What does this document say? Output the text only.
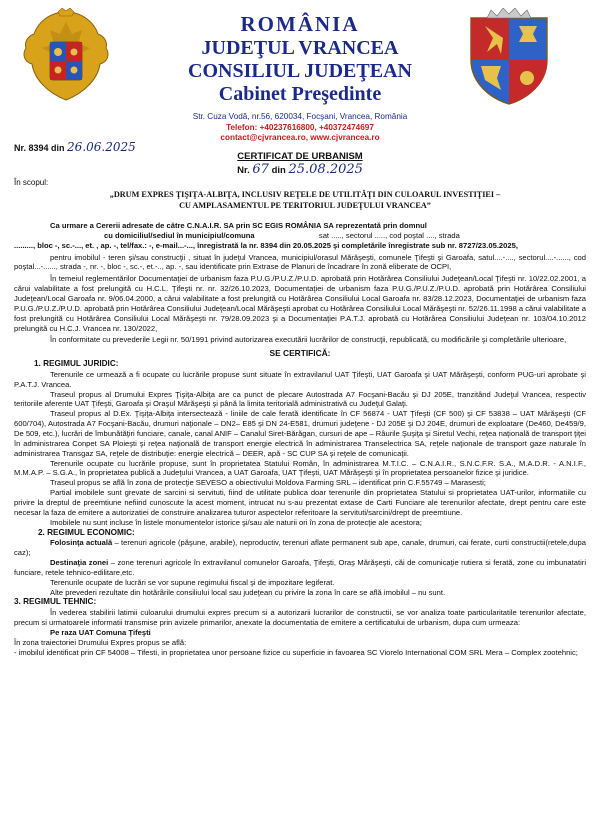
ROMÂNIA
JUDEŢUL VRANCEA
CONSILIUL JUDEŢEAN
Cabinet Preşedinte
Str. Cuza Vodă, nr.56, 620034, Focşani, Vrancea, România
Telefon: +40237616800, +40372474697
contact@cjvrancea.ro, www.cjvrancea.ro
Nr. 8394 din 26.06.2025
CERTIFICAT DE URBANISM
Nr. 67 din 25.08.2025
În scopul:
„DRUM EXPRES ŢIŞIŢA-ALBIŢA, INCLUSIV REŢELE DE UTILITĂŢI DIN CULOARUL INVESTIŢIEI –
CU AMPLASAMENTUL PE TERITORIUL JUDEŢULUI VRANCEA”

Ca urmare a Cererii adresate de către C.N.A.I.R. SA prin SC EGIS ROMÂNIA SA reprezentată prin domnul

cu domiciliul/sediul în municipiul/comuna	sat ....., sectorul ....., cod poştal ...., strada

........., bloc -, sc.-..., et. , ap. -, tel/fax.: -, e-mail...-..., înregistrată la nr. 8394 din 20.05.2025 şi completările înregistrate sub nr. 8727/23.05.2025,

pentru imobilul - teren şi/sau construcţii , situat în judeţul Vrancea, municipiul/orasul Mărăşeşti, comunele Ţifeşti şi Garoafa, satul....-...., sectorul....-......, cod poştal...-......, strada -, nr. -, bloc -, sc.-, et.-.., ap. -, sau identificate prin Extrase de Planuri de încadrare în zonă eliberate de OCPI,

În temeiul reglementărilor Documentaţiei de urbanism faza P.U.G./P.U.Z./P.U.D. aprobată prin Hotărârea Consiliului Judeţean/Local Ţifeşti nr. 10/22.02.2001, a cărui valabilitate a fost prelungită cu H.C.L. Ţifeşti nr. nr. 32/26.10.2023, Documentaţiei de urbanism faza P.U.G./P.U.Z./P.U.D. aprobată prin Hotărârea Consiliului Judeţean/Local Garoafa nr. 9/06.04.2000, a cărui valabilitate a fost prelungită cu Hotărârea Consiliului Local Garoafa nr. 83/28.12.2023, Documentaţiei de urbanism faza P.U.G./P.U.Z./P.U.D. aprobată prin Hotărârea Consiliului Judeţean/Local Mărăşeşti aprobat cu Hotărârea Consiliului Local Mărăşeşti nr. 52/26.11.1998 a cărui valabilitate a fost prelungită cu Hotărârea Consiliului Local Mărăşeşti nr. 79/28.09.2023 şi a Documentaţiei P.A.T.J. aprobată cu Hotărârea Consiliului Judeţean nr. 103/04.10.2012 prelungită cu H.C.J. Vrancea nr. 130/2022,

În conformitate cu prevederile Legii nr. 50/1991 privind autorizarea executării lucrărilor de construcţii, republicată, cu modificările şi completările ulterioare,

SE CERTIFICĂ:

1. REGIMUL JURIDIC:

Terenurile ce urmează a fi ocupate cu lucrările propuse sunt situate în extravilanul UAT Ţifeşti, UAT Garoafa şi UAT Mărăşeşti, conform PUG-uri aprobate şi P.A.T.J. Vrancea.

Traseul propus al Drumului Expres Ţişiţa-Albiţa are ca punct de plecare Autostrada A7 Focşani-Bacău şi DJ 205E, tranzitând Judeţul Vrancea, respectiv teritoriile aferente UAT Ţifeşti, Garoafa şi Oraşul Mărăşeşti şi până la limita teritorială administrativă cu Judeţul Galaţi.

Traseul propus al D.Ex. Ţişiţa-Albiţa intersectează - liniile de cale ferată identificate în CF 56874 - UAT Ţifeşti (CF 500) şi CF 53838 – UAT Mărăşeşti (CF 600/704), Autostrada A7 Focşani-Bacău, drumuri naţionale – DN2– E85 şi DN 24-E581, drumuri judeţene - DJ 205E şi DJ 204E, drumuri de exploatare (De460, De459/9, De 509, etc.), lucrări de îmbunătăţiri funciare, canale, canal ANIF – Canalul Siret-Bărăgan, cursuri de ape – Râurile Şuşiţa şi Siretul Vechi, reţea naţională de transport ţiţei în administrarea Conpet SA Ploieşti şi reţea naţională de transport energie electrică în administrarea Transelectrica SA, reţele naţionale de transport gaze naturale în administrarea Transgaz SA, reţele de distribuţie: energie electrică – DEER, apă - SC CUP SA şi reţele de comunicaţii.

Terenurile ocupate cu lucrările propuse, sunt în proprietatea Statului Român, în administrarea M.T.I.C. – C.N.A.I.R., S.N.C.F.R. S.A., M.A.D.R. - A.N.I.F., M.M.A.P. – S.G.A., în proprietatea publică a Judeţului Vrancea, a UAT Garoafa, UAT Ţifeşti, UAT Mărăşeşti şi în proprietatea persoanelor fizice şi juridice.

Traseul propus se află în zona de protecţie SEVESO a obiectivului Moldova Farming SRL – identificat prin C.F.55749 – Marasesti;

Partial imobilele sunt grevate de sarcini si servituti, fiind de utilitate publica doar terenurile din proprietatea Statului si proprietatea UAT-urilor, informatiile cu privire la dreptul de preemtiune nefiind cunoscute la acest moment, intrucat nu s-au prezentat extase de Carti Funciare ale terenurilor afectate, drept pentru care este necesar la faza de emitere a autorizatiei de construire analizarea tuturor aspectelor referitoare la servituti/sarcini/drept de preemtiune.

Imobilele nu sunt incluse în listele monumentelor istorice şi/sau ale naturii ori în zona de protecţie ale acestora;

2. REGIMUL ECONOMIC:

Folosinţa actuală – terenuri agricole (păşune, arabile), neproductiv, terenuri aflate permanent sub ape, canale, drumuri, cai ferate, curti constructii(retele,dupa caz);

Destinaţia zonei – zone terenuri agricole în extravilanul comunelor Garoafa, Ţifeşti, Oraş Mărăşeşti, căi de comunicaţie rutiera si ferată, zone cu imbunatatiri funciare, retele tehnico-edilitare,etc.

Terenurile ocupate de lucrări se vor supune regimului fiscal şi de impozitare legiferat.

Alte prevederi rezultate din hotărârile consiliului local sau judeţean cu privire la zona în care se află imobilul – nu sunt.

3. REGIMUL TEHNIC:

În vederea stabilirii latimii culoarului drumului expres precum si a autorizarii lucrarilor de constructii, se vor analiza toate particularitatile terenurilor afectate, precum si urmatoarele informatii transmise prin avizele primarilor, anexate la documentatia de emitere a certificatului de urbanism, dupa cum urmeaza:

Pe raza UAT Comuna Ţifeşti

În zona traiectoriei Drumului Expres propus se află:

- imobilul identificat prin CF 54008 – Tifesti, in proprietatea unor persoane fizice cu superficie in favoarea SC Viorelo International COM SRL Mera – Complex zootehnic;
